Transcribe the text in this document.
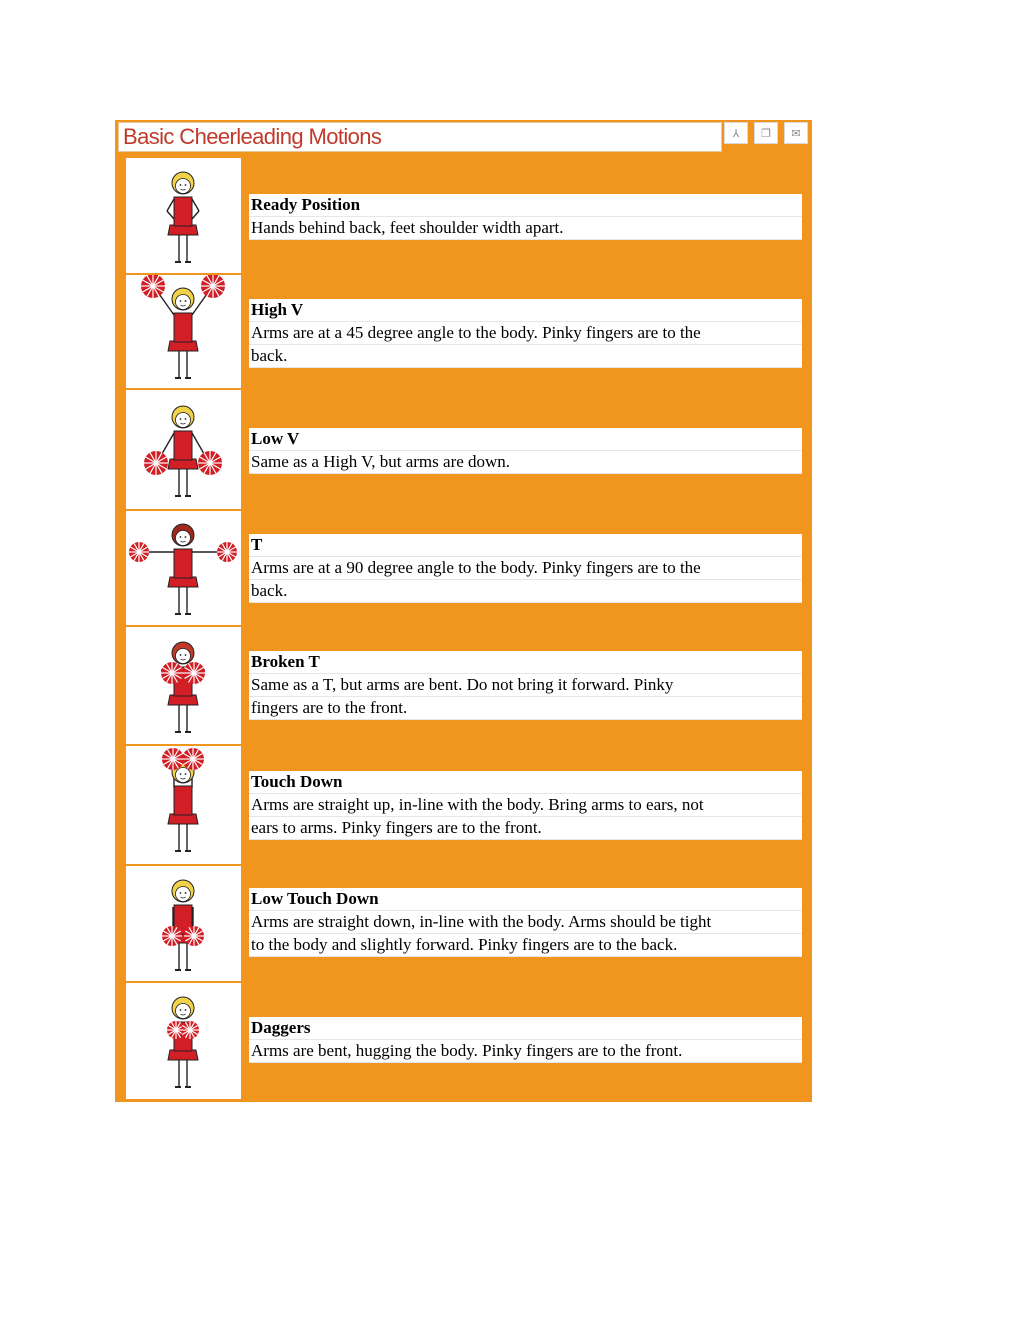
Basic Cheerleading Motions	⅄	❐	✉
Ready Position
Hands behind back, feet shoulder width apart.
High V
Arms are at a 45 degree angle to the body. Pinky fingers are to the
back.
Low V
Same as a High V, but arms are down.
T
Arms are at a 90 degree angle to the body. Pinky fingers are to the
back.
Broken T
Same as a T, but arms are bent. Do not bring it forward. Pinky
fingers are to the front.
Touch Down
Arms are straight up, in-line with the body. Bring arms to ears, not
ears to arms. Pinky fingers are to the front.
Low Touch Down
Arms are straight down, in-line with the body. Arms should be tight
to the body and slightly forward. Pinky fingers are to the back.
Daggers
Arms are bent, hugging the body. Pinky fingers are to the front.
